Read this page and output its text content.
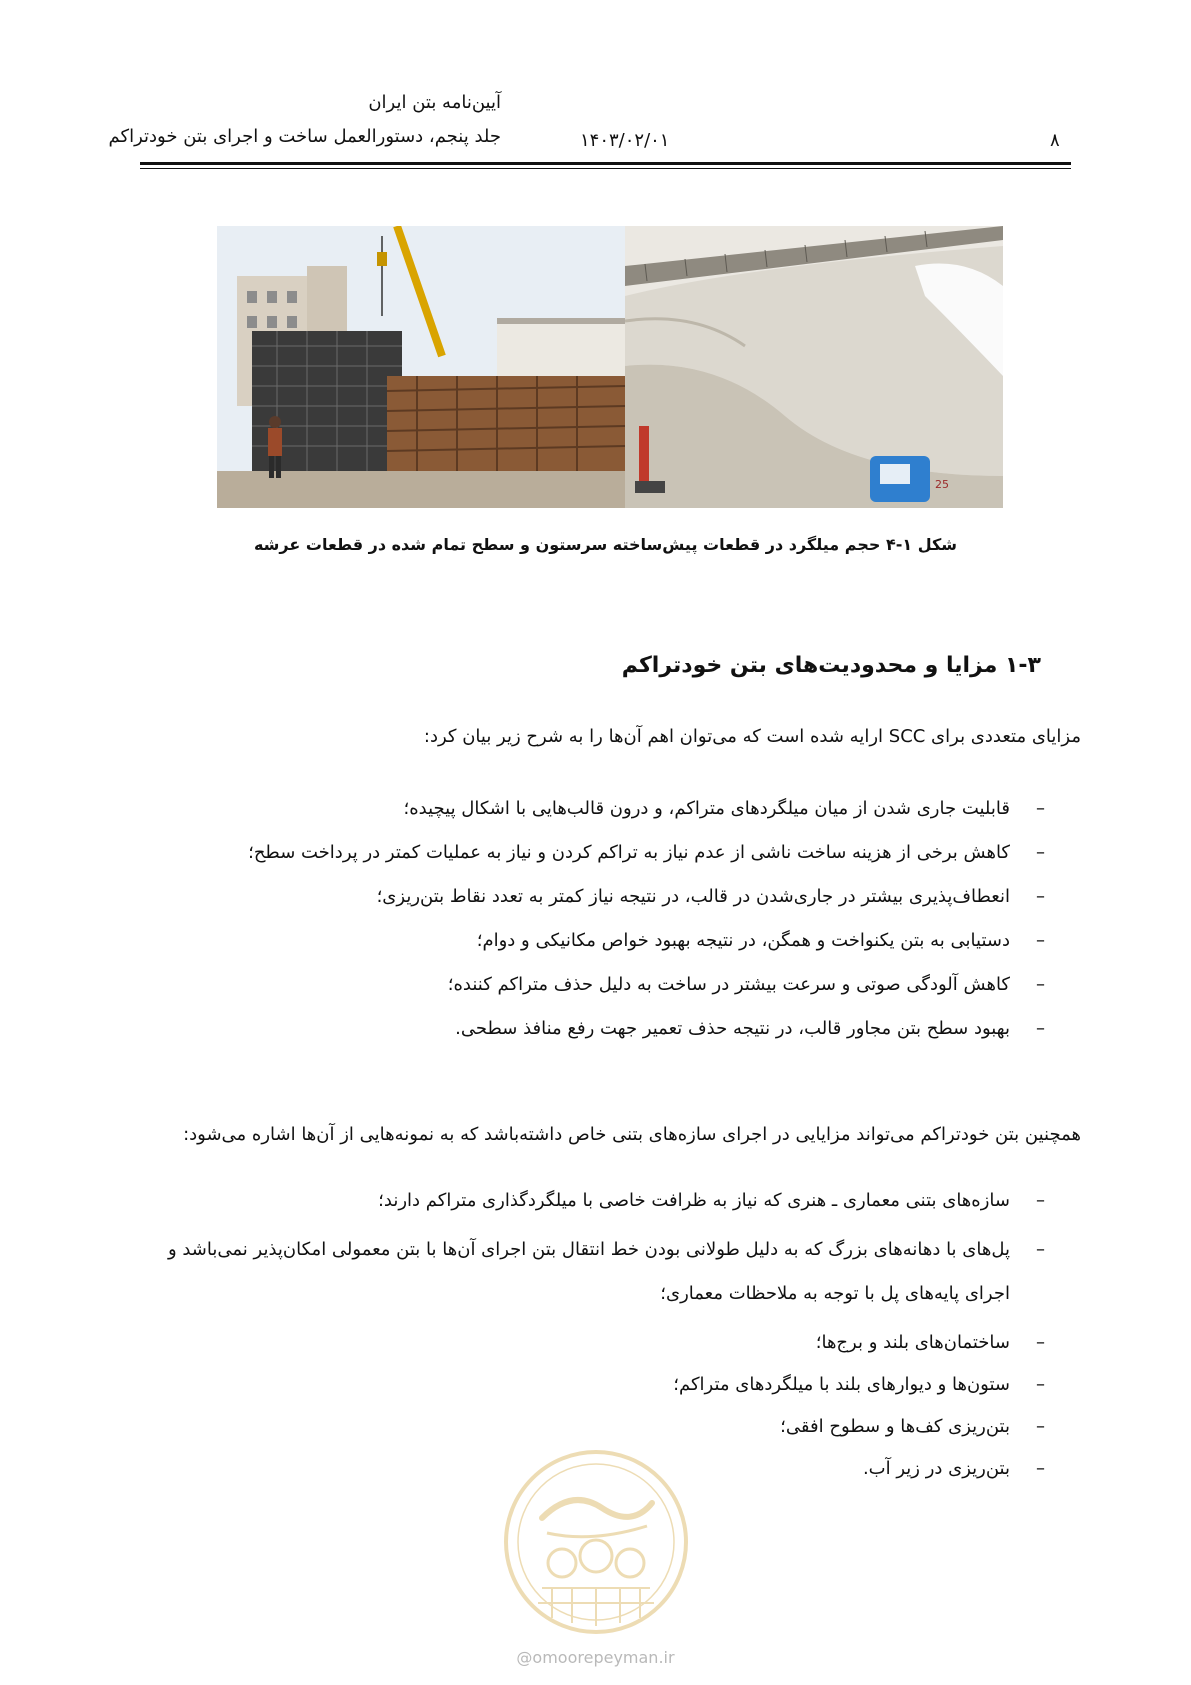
آیین‌نامه بتن ایران
جلد پنجم، دستورالعمل ساخت و اجرای بتن خودتراکم	۱۴۰۳/۰۲/۰۱	۸
25
شکل ۱-۴ حجم میلگرد در قطعات پیش‌ساخته سرستون و سطح تمام شده در قطعات عرشه
۱-۳ مزایا و محدودیت‌های بتن خودتراکم
مزایای متعددی برای SCC ارایه شده است که می‌توان اهم آن‌ها را به شرح زیر بیان کرد:
–
قابلیت جاری شدن از میان میلگردهای متراکم، و درون قالب‌هایی با اشکال پیچیده؛
–
کاهش برخی از هزینه ساخت ناشی از عدم نیاز به تراکم کردن و نیاز به عملیات کمتر در پرداخت سطح؛
–
انعطاف‌پذیری بیشتر در جاری‌شدن در قالب، در نتیجه نیاز کمتر به تعدد نقاط بتن‌ریزی؛
–
دستیابی به بتن یکنواخت و همگن، در نتیجه بهبود خواص مکانیکی و دوام؛
–
کاهش آلودگی صوتی و سرعت بیشتر در ساخت به دلیل حذف متراکم کننده؛
–
بهبود سطح بتن مجاور قالب، در نتیجه حذف تعمیر جهت رفع منافذ سطحی.
همچنین بتن خودتراکم می‌تواند مزایایی در اجرای سازه‌های بتنی خاص داشته‌باشد که به نمونه‌هایی از آن‌ها اشاره می‌شود:
–
سازه‌های بتنی معماری ـ هنری که نیاز به ظرافت خاصی با میلگردگذاری متراکم دارند؛
–
پل‌های با دهانه‌های بزرگ که به دلیل طولانی بودن خط انتقال بتن اجرای آن‌ها با بتن معمولی امکان‌پذیر نمی‌باشد و اجرای پایه‌های پل با توجه به ملاحظات معماری؛
–
ساختمان‌های بلند و برج‌ها؛
–
ستون‌ها و دیوارهای بلند با میلگردهای متراکم؛
–
بتن‌ریزی کف‌ها و سطوح افقی؛
–
بتن‌ریزی در زیر آب.
@omoorepeyman.ir
